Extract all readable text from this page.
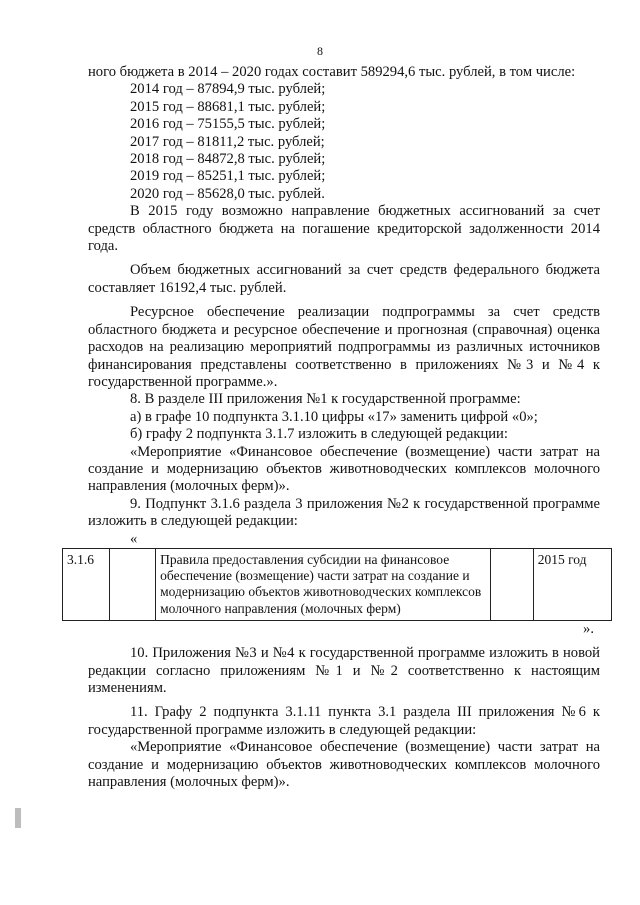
8

ного бюджета в 2014 – 2020 годах составит 589294,6 тыс. рублей, в том числе:

2014 год – 87894,9 тыс. рублей;

2015 год – 88681,1 тыс. рублей;

2016 год – 75155,5 тыс. рублей;

2017 год – 81811,2 тыс. рублей;

2018 год – 84872,8 тыс. рублей;

2019 год – 85251,1 тыс. рублей;

2020 год – 85628,0 тыс. рублей.

В 2015 году возможно направление бюджетных ассигнований за счет средств областного бюджета на погашение кредиторской задолженности 2014 года.

Объем бюджетных ассигнований за счет средств федерального бюджета составляет 16192,4 тыс. рублей.

Ресурсное обеспечение реализации подпрограммы за счет средств областного бюджета и ресурсное обеспечение и прогнозная (справочная) оценка расходов на реализацию мероприятий подпрограммы из различных источников финансирования представлены соответственно в приложениях №3 и №4 к государственной программе.».

8. В разделе III приложения №1 к государственной программе:

а) в графе 10 подпункта 3.1.10 цифры «17» заменить цифрой «0»;

б) графу 2 подпункта 3.1.7 изложить в следующей редакции:

«Мероприятие «Финансовое обеспечение (возмещение) части затрат на создание и модернизацию объектов животноводческих комплексов молочного направления (молочных ферм)».

9. Подпункт 3.1.6 раздела 3 приложения №2 к государственной программе изложить в следующей редакции:

«

3.1.6		Правила предоставления субсидии на финансовое обеспечение (возмещение) части затрат на создание и модернизацию объектов животноводческих комплексов молочного направления (молочных ферм)		2015 год

».

10. Приложения №3 и №4 к государственной программе изложить в новой редакции согласно приложениям №1 и №2 соответственно к настоящим изменениям.

11. Графу 2 подпункта 3.1.11 пункта 3.1 раздела III приложения №6 к государственной программе изложить в следующей редакции:

«Мероприятие «Финансовое обеспечение (возмещение) части затрат на создание и модернизацию объектов животноводческих комплексов молочного направления (молочных ферм)».
